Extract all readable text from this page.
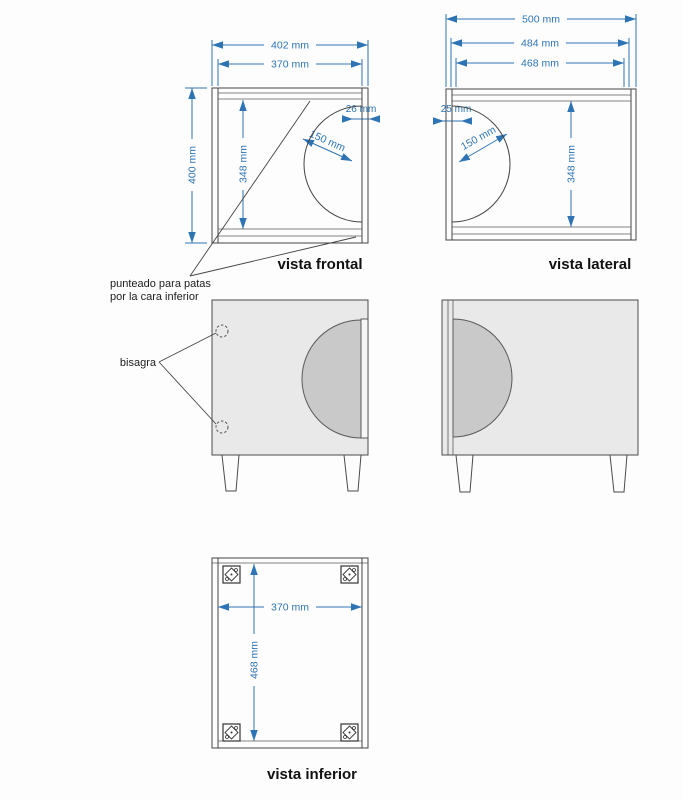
402 mm
370 mm
400 mm	348 mm
150 mm
26 mm
vista frontal
500 mm
484 mm
468 mm
25 mm
150 mm
348 mm
vista lateral
punteado para patas
por la cara inferior
bisagra
370 mm
468 mm
vista inferior
